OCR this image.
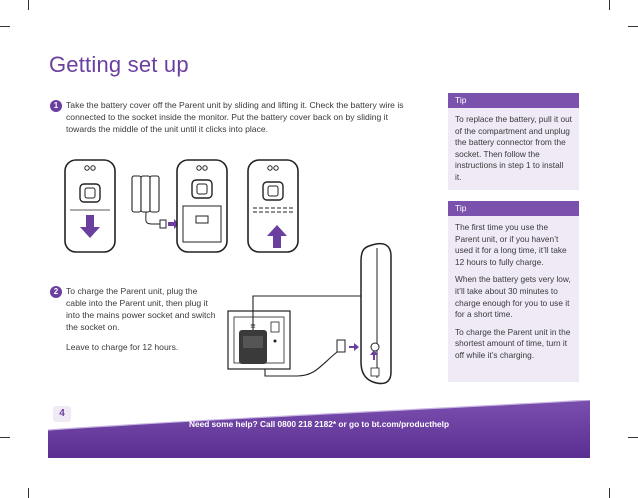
Getting set up
1 Take the battery cover off the Parent unit by sliding and lifting it. Check the battery wire is connected to the socket inside the monitor. Put the battery cover back on by sliding it towards the middle of the unit until it clicks into place.
2 To charge the Parent unit, plug the cable into the Parent unit, then plug it into the mains power socket and switch the socket on.
Leave to charge for 12 hours.
≡
Tip

To replace the battery, pull it out of the compartment and unplug the battery connector from the socket. Then follow the instructions in step 1 to install it.

Tip

The first time you use the Parent unit, or if you haven’t used it for a long time, it’ll take 12 hours to fully charge.

When the battery gets very low, it’ll take about 30 minutes to charge enough for you to use it for a short time.

To charge the Parent unit in the shortest amount of time, turn it off while it’s charging.

4
Need some help? Call 0800 218 2182* or go to bt.com/producthelp
